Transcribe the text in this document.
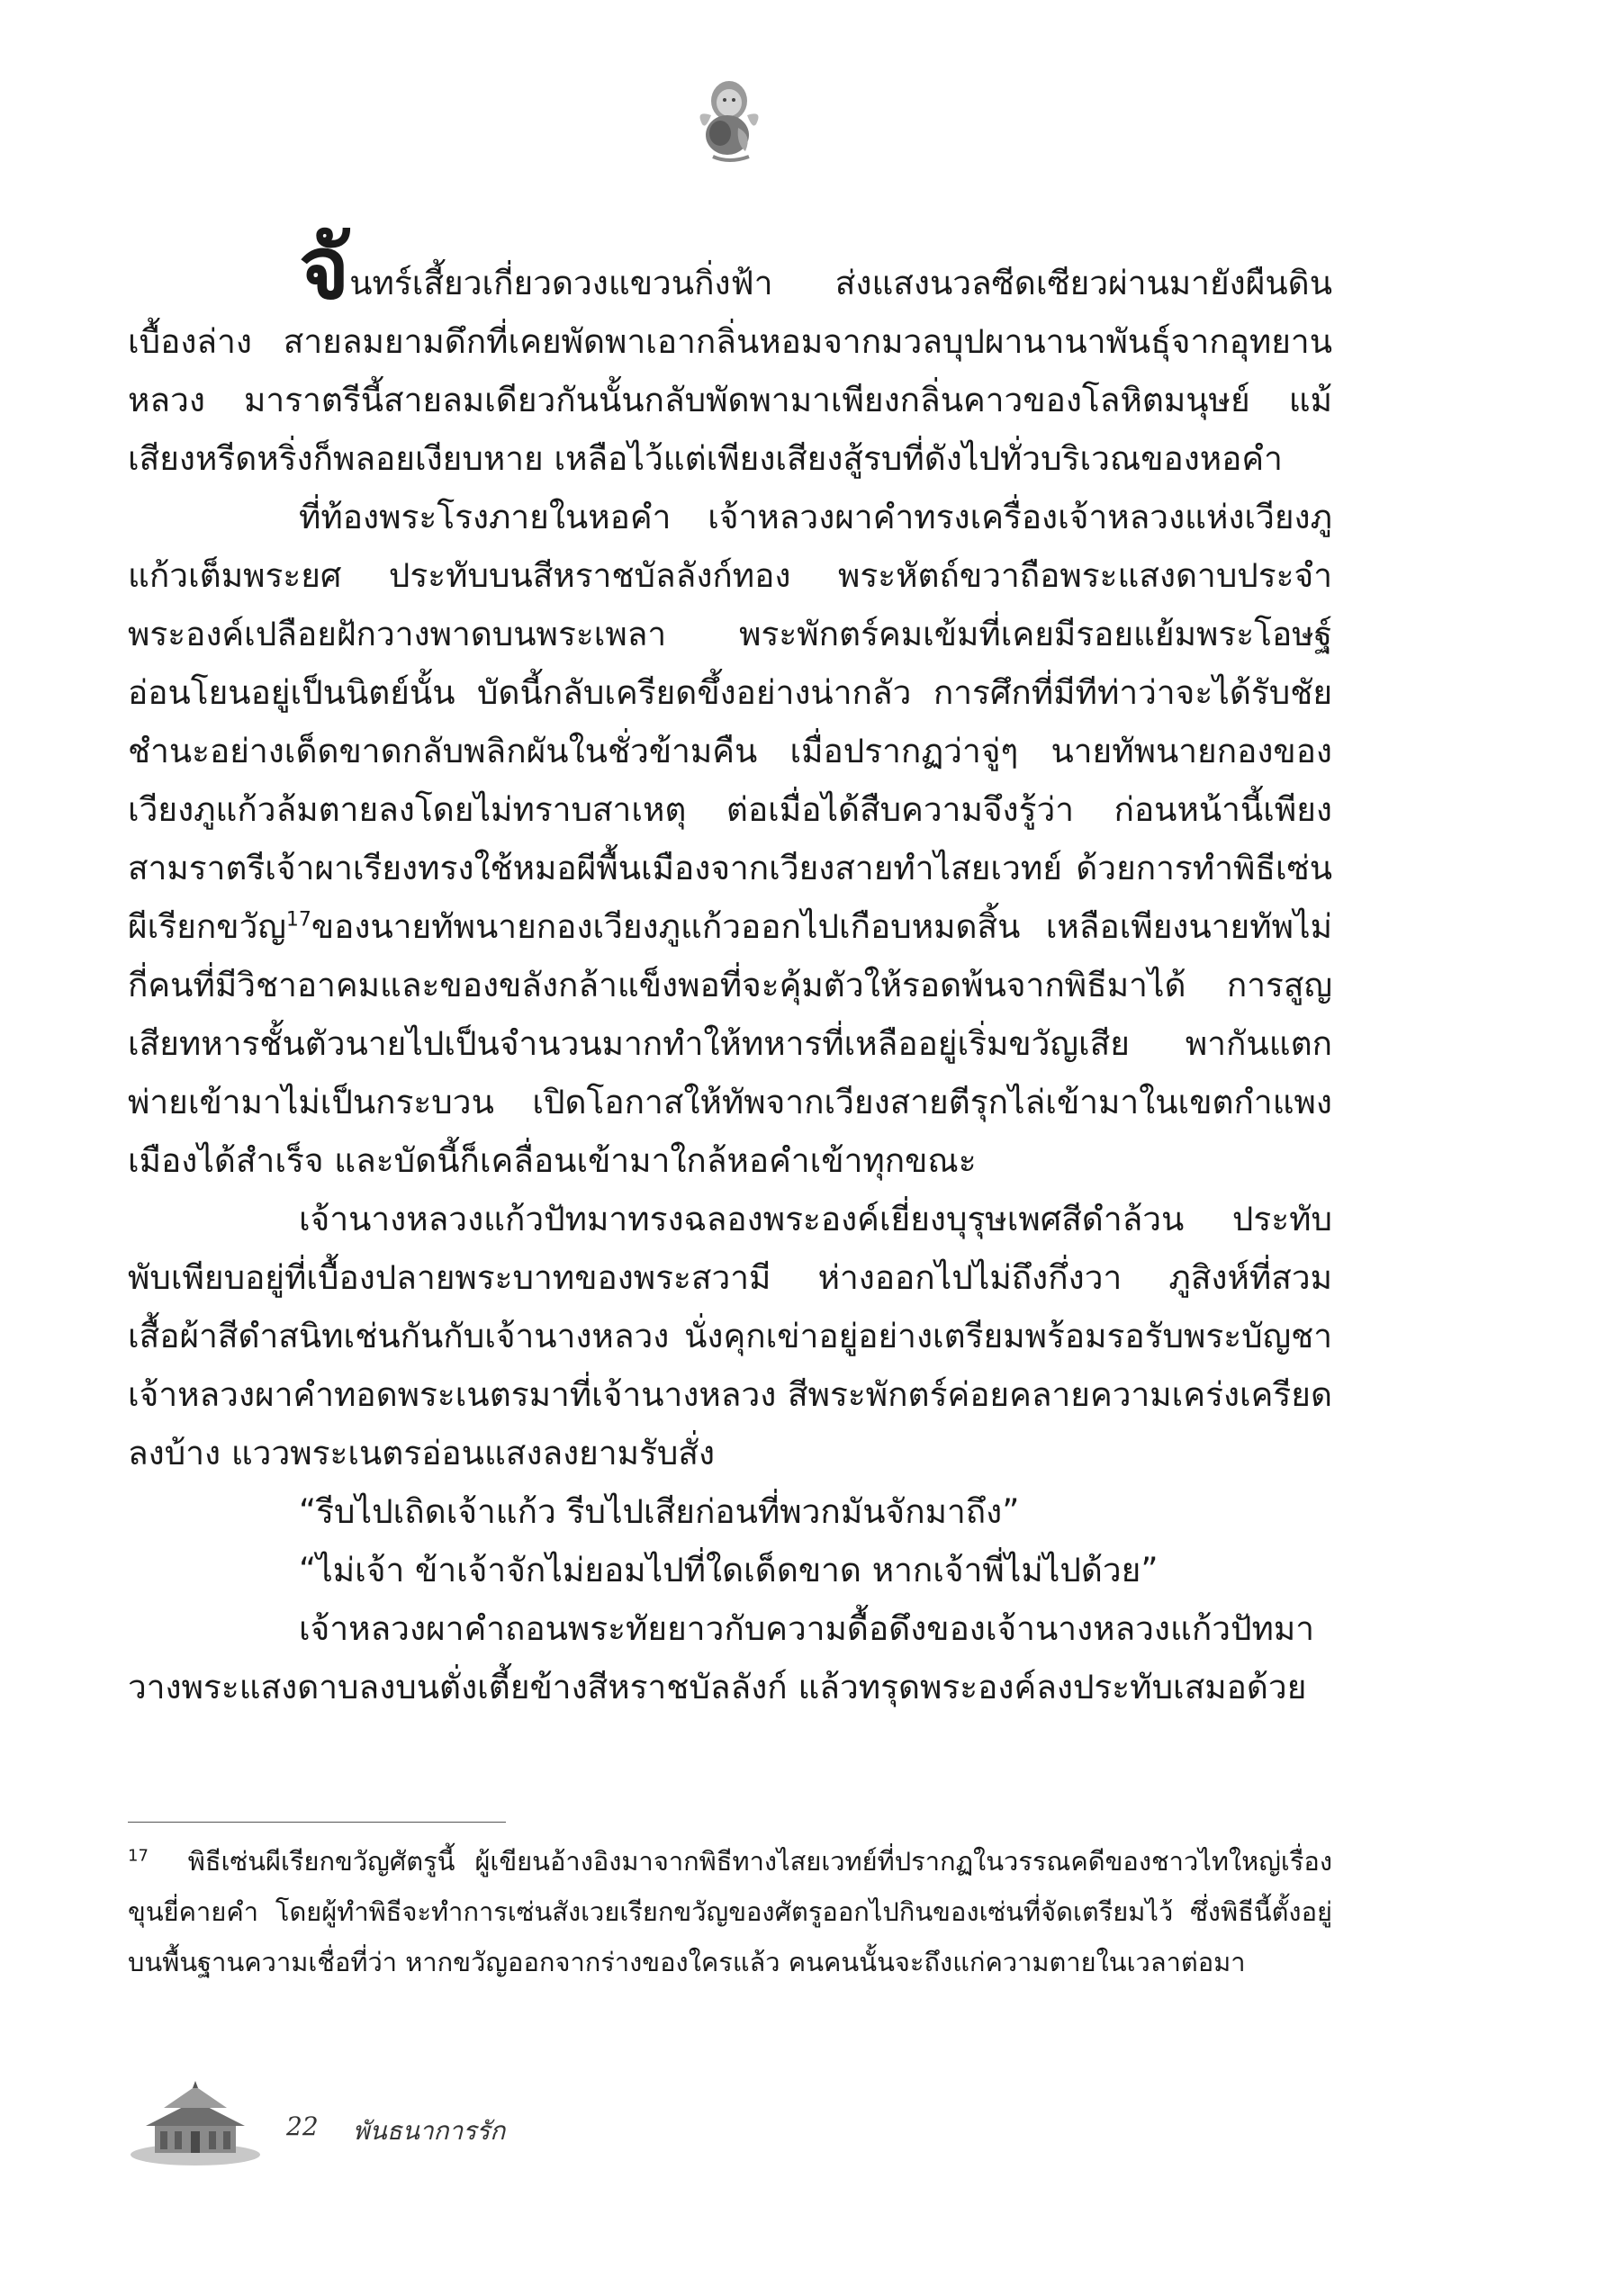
จันทร์เสี้ยวเกี่ยวดวงแขวนกิ่งฟ้า ส่งแสงนวลซีดเซียวผ่านมายังผืนดินเบื้องล่าง สายลมยามดึกที่เคยพัดพาเอากลิ่นหอมจากมวลบุปผานานาพันธุ์จากอุทยานหลวง มาราตรีนี้สายลมเดียวกันนั้นกลับพัดพามาเพียงกลิ่นคาวของโลหิตมนุษย์ แม้เสียงหรีดหริ่งก็พลอยเงียบหาย เหลือไว้แต่เพียงเสียงสู้รบที่ดังไปทั่วบริเวณของหอคำ

ที่ท้องพระโรงภายในหอคำ เจ้าหลวงผาคำทรงเครื่องเจ้าหลวงแห่งเวียงภูแก้วเต็มพระยศ ประทับบนสีหราชบัลลังก์ทอง พระหัตถ์ขวาถือพระแสงดาบประจำพระองค์เปลือยฝักวางพาดบนพระเพลา พระพักตร์คมเข้มที่เคยมีรอยแย้มพระโอษฐ์อ่อนโยนอยู่เป็นนิตย์นั้น บัดนี้กลับเครียดขึ้งอย่างน่ากลัว การศึกที่มีทีท่าว่าจะได้รับชัยชำนะอย่างเด็ดขาดกลับพลิกผันในชั่วข้ามคืน เมื่อปรากฏว่าจู่ๆ นายทัพนายกองของเวียงภูแก้วล้มตายลงโดยไม่ทราบสาเหตุ ต่อเมื่อได้สืบความจึงรู้ว่า ก่อนหน้านี้เพียงสามราตรีเจ้าผาเรียงทรงใช้หมอผีพื้นเมืองจากเวียงสายทำไสยเวทย์ ด้วยการทำพิธีเซ่นผีเรียกขวัญ$^{17}$ของนายทัพนายกองเวียงภูแก้วออกไปเกือบหมดสิ้น เหลือเพียงนายทัพไม่กี่คนที่มีวิชาอาคมและของขลังกล้าแข็งพอที่จะคุ้มตัวให้รอดพ้นจากพิธีมาได้ การสูญเสียทหารชั้นตัวนายไปเป็นจำนวนมากทำให้ทหารที่เหลืออยู่เริ่มขวัญเสีย พากันแตกพ่ายเข้ามาไม่เป็นกระบวน เปิดโอกาสให้ทัพจากเวียงสายตีรุกไล่เข้ามาในเขตกำแพงเมืองได้สำเร็จ และบัดนี้ก็เคลื่อนเข้ามาใกล้หอคำเข้าทุกขณะ

เจ้านางหลวงแก้วปัทมาทรงฉลองพระองค์เยี่ยงบุรุษเพศสีดำล้วน ประทับพับเพียบอยู่ที่เบื้องปลายพระบาทของพระสวามี ห่างออกไปไม่ถึงกึ่งวา ภูสิงห์ที่สวมเสื้อผ้าสีดำสนิทเช่นกันกับเจ้านางหลวง นั่งคุกเข่าอยู่อย่างเตรียมพร้อมรอรับพระบัญชาเจ้าหลวงผาคำทอดพระเนตรมาที่เจ้านางหลวง สีพระพักตร์ค่อยคลายความเคร่งเครียดลงบ้าง แววพระเนตรอ่อนแสงลงยามรับสั่ง

“รีบไปเถิดเจ้าแก้ว รีบไปเสียก่อนที่พวกมันจักมาถึง”

“ไม่เจ้า ข้าเจ้าจักไม่ยอมไปที่ใดเด็ดขาด หากเจ้าพี่ไม่ไปด้วย”

เจ้าหลวงผาคำถอนพระทัยยาวกับความดื้อดึงของเจ้านางหลวงแก้วปัทมาวางพระแสงดาบลงบนตั่งเตี้ยข้างสีหราชบัลลังก์ แล้วทรุดพระองค์ลงประทับเสมอด้วย

$^{17}$ พิธีเซ่นผีเรียกขวัญศัตรูนี้ ผู้เขียนอ้างอิงมาจากพิธีทางไสยเวทย์ที่ปรากฏในวรรณคดีของชาวไทใหญ่เรื่องขุนยี่คายคำ โดยผู้ทำพิธีจะทำการเซ่นสังเวยเรียกขวัญของศัตรูออกไปกินของเซ่นที่จัดเตรียมไว้ ซึ่งพิธีนี้ตั้งอยู่บนพื้นฐานความเชื่อที่ว่า หากขวัญออกจากร่างของใครแล้ว คนคนนั้นจะถึงแก่ความตายในเวลาต่อมา

22 พันธนาการรัก
